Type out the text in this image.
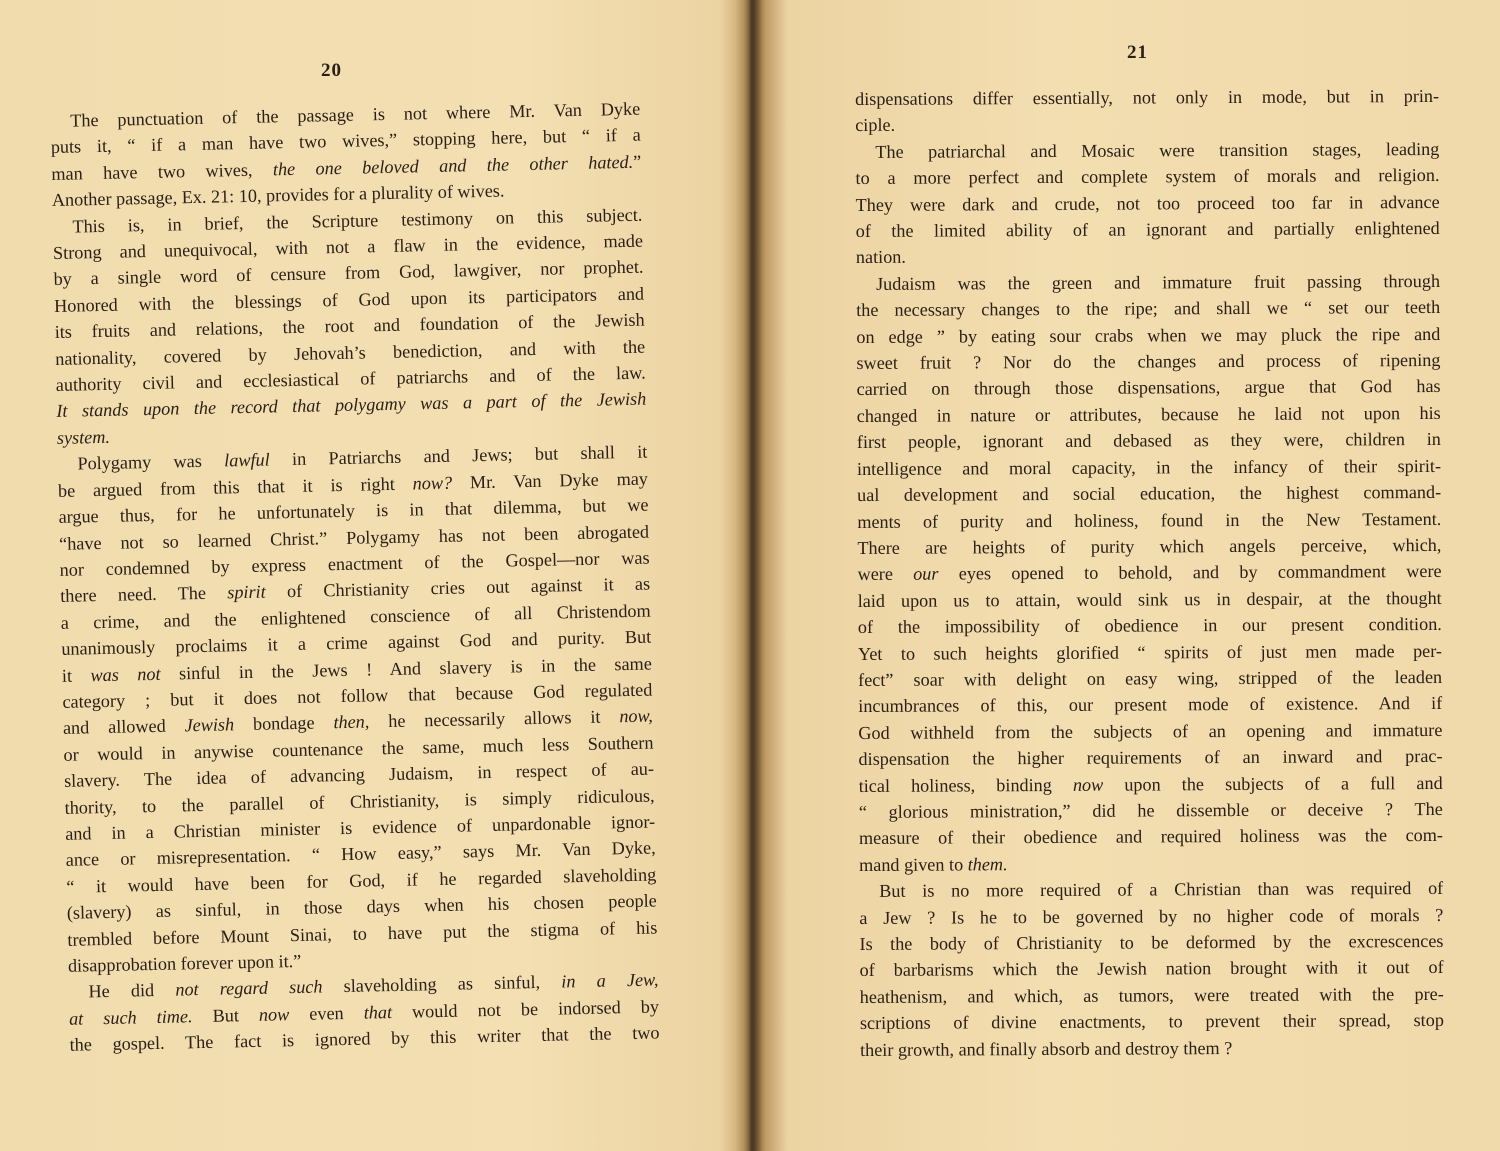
20
The punctuation of the passage is not where Mr. Van Dyke
puts it, “ if a man have two wives,” stopping here, but “ if a
man have two wives, the one beloved and the other hated.”
Another passage, Ex. 21: 10, provides for a plurality of wives.
This is, in brief, the Scripture testimony on this subject.
Strong and unequivocal, with not a flaw in the evidence, made
by a single word of censure from God, lawgiver, nor prophet.
Honored with the blessings of God upon its participators and
its fruits and relations, the root and foundation of the Jewish
nationality, covered by Jehovah’s benediction, and with the
authority civil and ecclesiastical of patriarchs and of the law.
It stands upon the record that polygamy was a part of the Jewish
system.
Polygamy was lawful in Patriarchs and Jews; but shall it
be argued from this that it is right now? Mr. Van Dyke may
argue thus, for he unfortunately is in that dilemma, but we
“have not so learned Christ.” Polygamy has not been abrogated
nor condemned by express enactment of the Gospel—nor was
there need. The spirit of Christianity cries out against it as
a crime, and the enlightened conscience of all Christendom
unanimously proclaims it a crime against God and purity. But
it was not sinful in the Jews ! And slavery is in the same
category ; but it does not follow that because God regulated
and allowed Jewish bondage then, he necessarily allows it now,
or would in anywise countenance the same, much less Southern
slavery. The idea of advancing Judaism, in respect of au-
thority, to the parallel of Christianity, is simply ridiculous,
and in a Christian minister is evidence of unpardonable ignor-
ance or misrepresentation. “ How easy,” says Mr. Van Dyke,
“ it would have been for God, if he regarded slaveholding
(slavery) as sinful, in those days when his chosen people
trembled before Mount Sinai, to have put the stigma of his
disapprobation forever upon it.”
He did not regard such slaveholding as sinful, in a Jew,
at such time. But now even that would not be indorsed by
the gospel. The fact is ignored by this writer that the two
21
dispensations differ essentially, not only in mode, but in prin-
ciple.
The patriarchal and Mosaic were transition stages, leading
to a more perfect and complete system of morals and religion.
They were dark and crude, not too proceed too far in advance
of the limited ability of an ignorant and partially enlightened
nation.
Judaism was the green and immature fruit passing through
the necessary changes to the ripe; and shall we “ set our teeth
on edge ” by eating sour crabs when we may pluck the ripe and
sweet fruit ? Nor do the changes and process of ripening
carried on through those dispensations, argue that God has
changed in nature or attributes, because he laid not upon his
first people, ignorant and debased as they were, children in
intelligence and moral capacity, in the infancy of their spirit-
ual development and social education, the highest command-
ments of purity and holiness, found in the New Testament.
There are heights of purity which angels perceive, which,
were our eyes opened to behold, and by commandment were
laid upon us to attain, would sink us in despair, at the thought
of the impossibility of obedience in our present condition.
Yet to such heights glorified “ spirits of just men made per-
fect” soar with delight on easy wing, stripped of the leaden
incumbrances of this, our present mode of existence. And if
God withheld from the subjects of an opening and immature
dispensation the higher requirements of an inward and prac-
tical holiness, binding now upon the subjects of a full and
“ glorious ministration,” did he dissemble or deceive ? The
measure of their obedience and required holiness was the com-
mand given to them.
But is no more required of a Christian than was required of
a Jew ? Is he to be governed by no higher code of morals ?
Is the body of Christianity to be deformed by the excrescences
of barbarisms which the Jewish nation brought with it out of
heathenism, and which, as tumors, were treated with the pre-
scriptions of divine enactments, to prevent their spread, stop
their growth, and finally absorb and destroy them ?
